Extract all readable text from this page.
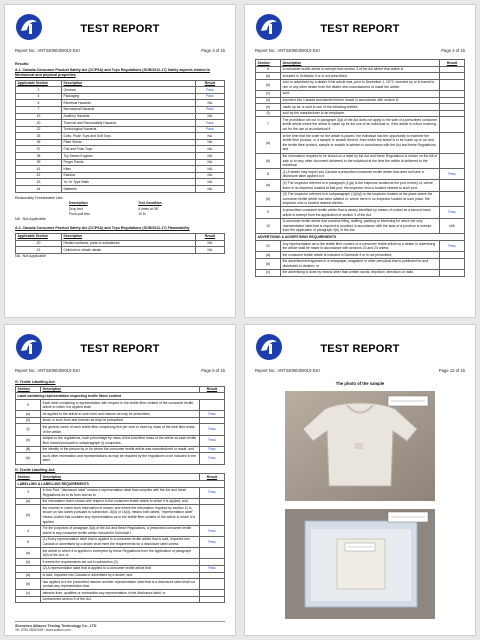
TEST REPORT
Report No.: ANT24060300010-010	Page 3 of 16
Results:
A.1. Canada Consumer Product Safety Act (CCPSA) and Toys Regulations (SOR/2011-17) Safety aspects related to Mechanical and physical properties
Applicable Section	Description	Result
2	General	Pass
4	Packaging	Pass
6	Electrical Hazards	NA
7	Mechanical Hazards	Pass
19	Auditory Hazards	NA
20	Thermal and Flammability Hazards	Pass
22	Toxicological Hazards	Pass
26	Dolls, Plush Toys and Soft Toys	NA
35	Plant Seeds	NA
37	Pull and Push Toys	NA
38	Toy Steam Engines	NA
39	Finger Paints	NA
41	Kites	NA
42	Elastics	NA
43	Yo-Yo Type Balls	NA
44	Batteries	NA
Reasonably Foreseeable Use:
Description	Test Condition
Drop test	4 times at 36"
Push-pull test	10 lb
NA : Not Applicable
A.2. Canada Consumer Product Safety Act (CCPSA) and Toys Regulations (SOR/2011-17) Flammability
Applicable Section	Description	Result
20	Heated surfaces, parts or substances	NA
21	Celluloid or nitrate nitrate	NA
NA : Not Applicable
TEST REPORT
Report No.: ANT24060300010-010	Page 4 of 16
Section	Description	Result
6	A consumer textile article is exempt from section 3 of the Act where that article is	
(a)	included in Schedule II or is not prescribed;	
(b)	sold or advertised by a dealer if the article was, prior to December 1, 1972, received by or in transit to him or any other dealer from the dealer who manufactured or made the article;	
(c)	sold;	
(d)	imported into Canada and labeled before resale in accordance with section 8;	
(e)	made up for or sold to one of the following entities	
(f)	sold by the manufacturer to an employee.	
7	The prohibition set out in paragraph 3(a) of the Act does not apply to the sale of a prescribed consumer textile article where the article is made up for the use of an individual or, if the article is a floor covering, cut for the use of an individual if	
(a)	at the time that the order for the article is placed, the individual has the opportunity to examine the textile fibre product, or a sample or swatch thereof, from which the article is to be made up or cut and the textile fibre product, sample or swatch is labeled in accordance with the Act and these Regulations; and	
(b)	the information required to be shown on a label by the Act and these Regulations is shown on the bill of sale or on any other document delivered to the individual at the time the article is delivered to the individual.	
8	(1) A dealer may import into Canada a prescribed consumer textile article that does not have a disclosure label applied to it	Pass
(a)	(2) The inspector referred to in paragraph (1)(a) is the inspector located at the port of entry or, where there is no inspector located at that port, the inspector who is located nearest to such port.	
(b)	(3) The inspector referred to in subparagraph (1)(b)(i) is the inspector located at the place where the consumer textile article has been labeled or, where there is no inspector located at such place, the inspector who is located nearest thereto.	
9	A prescribed consumer textile article that is clearly identified by means of a label as a second-hand article is exempt from the application of section 3 of the Act.	Pass
10	A consumer textile article that contains filling, stuffing, padding or interlining for which the only representation label that is required is provided in accordance with the laws of a province is exempt from the application of paragraph 3(b) of the Act.	N/A
ADVERTISING & ADVERTISING REQUIREMENTS		
22	Any representation as to the textile fibre content of a consumer textile article by a dealer in advertising the article shall be made in accordance with sections 23 and 24 unless	Pass
(a)	the consumer textile article is included in Schedule II or is not prescribed;	
(b)	the advertisement appears in a newspaper, magazine or other periodical that is published for and distributed to dealers; or	
(c)	the advertising is done by means other than written words, depiction, television or radio.	
TEST REPORT
Report No.: ANT24060300010-010	Page 8 of 16
G. Textile Labelling Act:
Section	Description	Result
Label containing representation respecting textile fibres content		
9	Each label containing a representation with respect to the textile fibre content of the consumer textile article to which it is applied shall	
(a)	be applied to the article in such form and manner as may be prescribed;	Pass
(b)	show, in such form and manner as may be prescribed	
(i)	the generic name of each textile fibre comprising five per cent or more by mass of the total fibre mass of the article,	Pass
(ii)	subject to the regulations, such percentage by mass of the total fibre mass of the article as each textile fibre named pursuant to subparagraph (i) comprises,	Pass
(iii)	the identity of the person by or for whom the consumer textile article was manufactured or made, and	Pass
(iv)	such other information and representations as may be required by the regulations to be included in the label.	Pass
H. Textile Labelling Act:
Section	Description	Result
LABELLING & LABELLING REQUIREMENTS		
3	In this Part, "disclosure label" means a representation label that complies with the Act and these Regulations as to its form and as to	Pass
(a)	the information that it shows with respect to the consumer textile article to which it is applied; and	
(b)	the manner in which such information is shown; and where the information required by section 11 is shown on two labels pursuant to subsection 16(3) or 16(4), means both labels; "representation label" means a label that contains any representation as to the textile fibre content of the article to which it is applied.	
4	For the purposes of paragraph 3(a) of the Act and these Regulations, a prescribed consumer textile article is any consumer textile article included in Schedule I.	Pass
5	(1) Every representation label that is applied to a consumer textile article that is sold, imported into Canada or advertised by a dealer shall meet the requirements for a disclosure label unless	Pass
(a)	the article to which it is applied is exempted by these Regulations from the application of paragraph 3(b) of the Act; or	
(b)	it meets the requirements set out in subsection (2).	
	(2) A representation label that is applied to a consumer textile article that	Pass
(a)	is sold, imported into Canada or advertised by a dealer; and	
(b)	has applied to it the prescribed manner another representation label that is a disclosure label shall not contain any representation that	
(c)	detracts from, qualifies or contradicts any representation in the disclosure label; or	
	contravenes section 5 of the Act.	
Shenzhen Alliance Testing Technology Co., LTD
Tel: 0755-28262028 / www.szatmo.com
TEST REPORT
Report No.: ANT24060300010-010	Page 12 of 16
The photo of the sample
